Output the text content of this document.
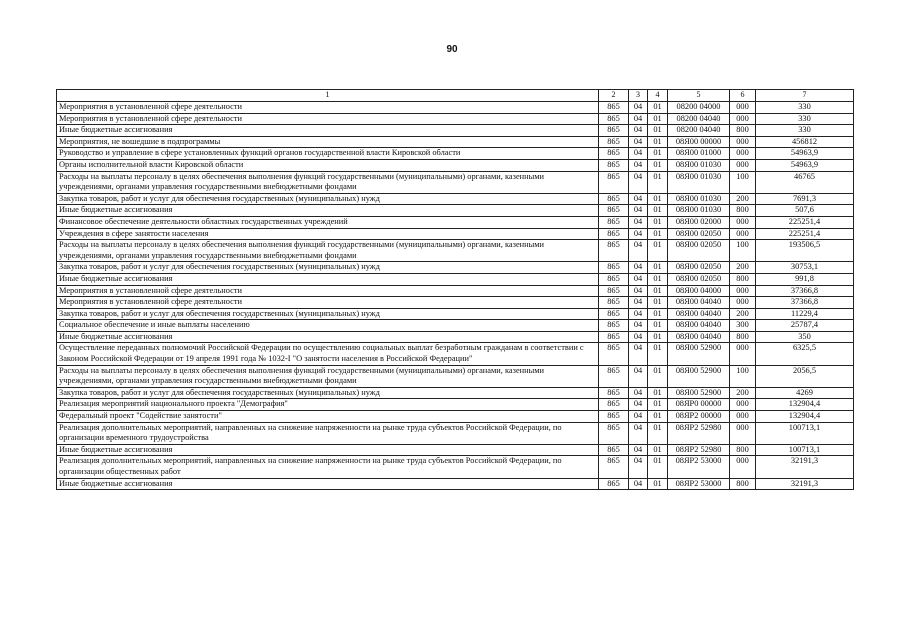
90
1	2	3	4	5	6	7
Мероприятия в установленной сфере деятельности	865	04	01	08200 04000	000	330
Мероприятия в установленной сфере деятельности	865	04	01	08200 04040	000	330
Иные бюджетные ассигнования	865	04	01	08200 04040	800	330
Мероприятия, не вошедшие в подпрограммы	865	04	01	08Я00 00000	000	456812
Руководство и управление в сфере установленных функций органов государственной власти Кировской области	865	04	01	08Я00 01000	000	54963,9
Органы исполнительной власти Кировской области	865	04	01	08Я00 01030	000	54963,9
Расходы на выплаты персоналу в целях обеспечения выполнения функций государственными (муниципальными) органами, казенными учреждениями, органами управления государственными внебюджетными фондами	865	04	01	08Я00 01030	100	46765
Закупка товаров, работ и услуг для обеспечения государственных (муниципальных) нужд	865	04	01	08Я00 01030	200	7691,3
Иные бюджетные ассигнования	865	04	01	08Я00 01030	800	507,6
Финансовое обеспечение деятельности областных государственных учреждений	865	04	01	08Я00 02000	000	225251,4
Учреждения в сфере занятости населения	865	04	01	08Я00 02050	000	225251,4
Расходы на выплаты персоналу в целях обеспечения выполнения функций государственными (муниципальными) органами, казенными учреждениями, органами управления государственными внебюджетными фондами	865	04	01	08Я00 02050	100	193506,5
Закупка товаров, работ и услуг для обеспечения государственных (муниципальных) нужд	865	04	01	08Я00 02050	200	30753,1
Иные бюджетные ассигнования	865	04	01	08Я00 02050	800	991,8
Мероприятия в установленной сфере деятельности	865	04	01	08Я00 04000	000	37366,8
Мероприятия в установленной сфере деятельности	865	04	01	08Я00 04040	000	37366,8
Закупка товаров, работ и услуг для обеспечения государственных (муниципальных) нужд	865	04	01	08Я00 04040	200	11229,4
Социальное обеспечение и иные выплаты населению	865	04	01	08Я00 04040	300	25787,4
Иные бюджетные ассигнования	865	04	01	08Я00 04040	800	350
Осуществление переданных полномочий Российской Федерации по осуществлению социальных выплат безработным гражданам в соответствии с Законом Российской Федерации от 19 апреля 1991 года № 1032-I "О занятости населения в Российской Федерации"	865	04	01	08Я00 52900	000	6325,5
Расходы на выплаты персоналу в целях обеспечения выполнения функций государственными (муниципальными) органами, казенными учреждениями, органами управления государственными внебюджетными фондами	865	04	01	08Я00 52900	100	2056,5
Закупка товаров, работ и услуг для обеспечения государственных (муниципальных) нужд	865	04	01	08Я00 52900	200	4269
Реализация мероприятий национального проекта "Демография"	865	04	01	08ЯР0 00000	000	132904,4
Федеральный проект "Содействие занятости"	865	04	01	08ЯР2 00000	000	132904,4
Реализация дополнительных мероприятий, направленных на снижение напряженности на рынке труда субъектов Российской Федерации, по организации временного трудоустройства	865	04	01	08ЯР2 52980	000	100713,1
Иные бюджетные ассигнования	865	04	01	08ЯР2 52980	800	100713,1
Реализация дополнительных мероприятий, направленных на снижение напряженности на рынке труда субъектов Российской Федерации, по организации общественных работ	865	04	01	08ЯР2 53000	000	32191,3
Иные бюджетные ассигнования	865	04	01	08ЯР2 53000	800	32191,3
